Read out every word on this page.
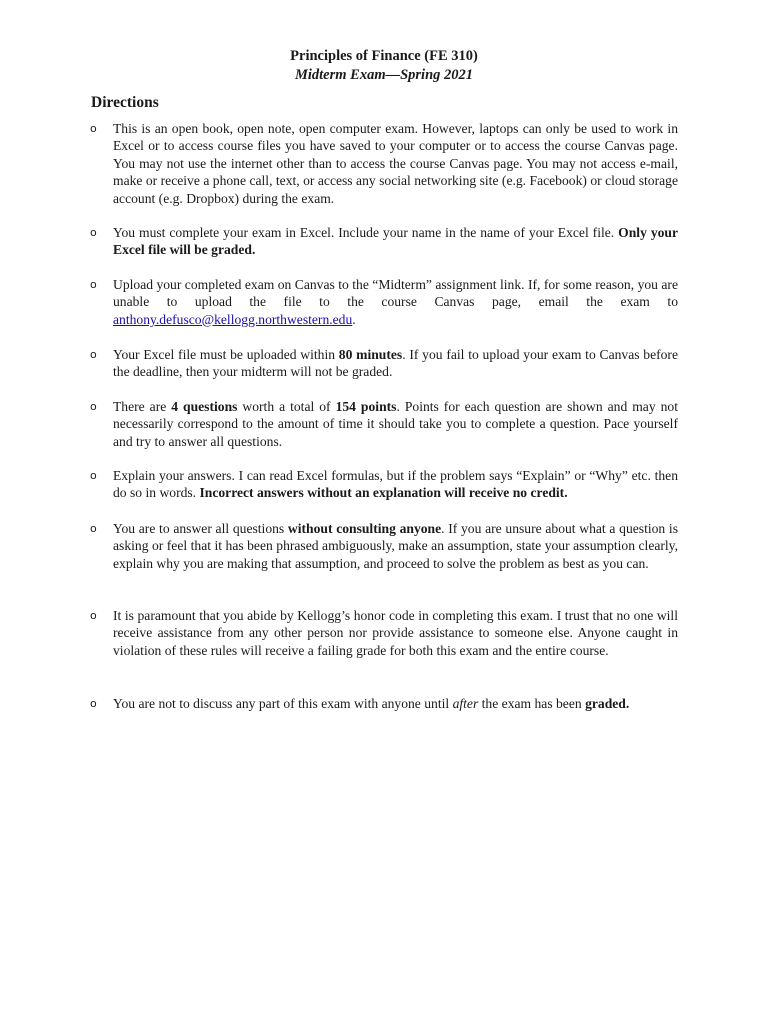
Principles of Finance (FE 310)
Midterm Exam—Spring 2021
Directions
o This is an open book, open note, open computer exam. However, laptops can only be used to work in Excel or to access course files you have saved to your computer or to access the course Canvas page. You may not use the internet other than to access the course Canvas page. You may not access e-mail, make or receive a phone call, text, or access any social networking site (e.g. Facebook) or cloud storage account (e.g. Dropbox) during the exam.
o You must complete your exam in Excel. Include your name in the name of your Excel file. Only your Excel file will be graded.
o Upload your completed exam on Canvas to the “Midterm” assignment link. If, for some reason, you are unable to upload the file to the course Canvas page, email the exam to anthony.defusco@kellogg.northwestern.edu.
o Your Excel file must be uploaded within 80 minutes. If you fail to upload your exam to Canvas before the deadline, then your midterm will not be graded.
o There are 4 questions worth a total of 154 points. Points for each question are shown and may not necessarily correspond to the amount of time it should take you to complete a question. Pace yourself and try to answer all questions.
o Explain your answers. I can read Excel formulas, but if the problem says “Explain” or “Why” etc. then do so in words. Incorrect answers without an explanation will receive no credit.
o You are to answer all questions without consulting anyone. If you are unsure about what a question is asking or feel that it has been phrased ambiguously, make an assumption, state your assumption clearly, explain why you are making that assumption, and proceed to solve the problem as best as you can.
o It is paramount that you abide by Kellogg’s honor code in completing this exam. I trust that no one will receive assistance from any other person nor provide assistance to someone else. Anyone caught in violation of these rules will receive a failing grade for both this exam and the entire course.
o You are not to discuss any part of this exam with anyone until after the exam has been graded.
